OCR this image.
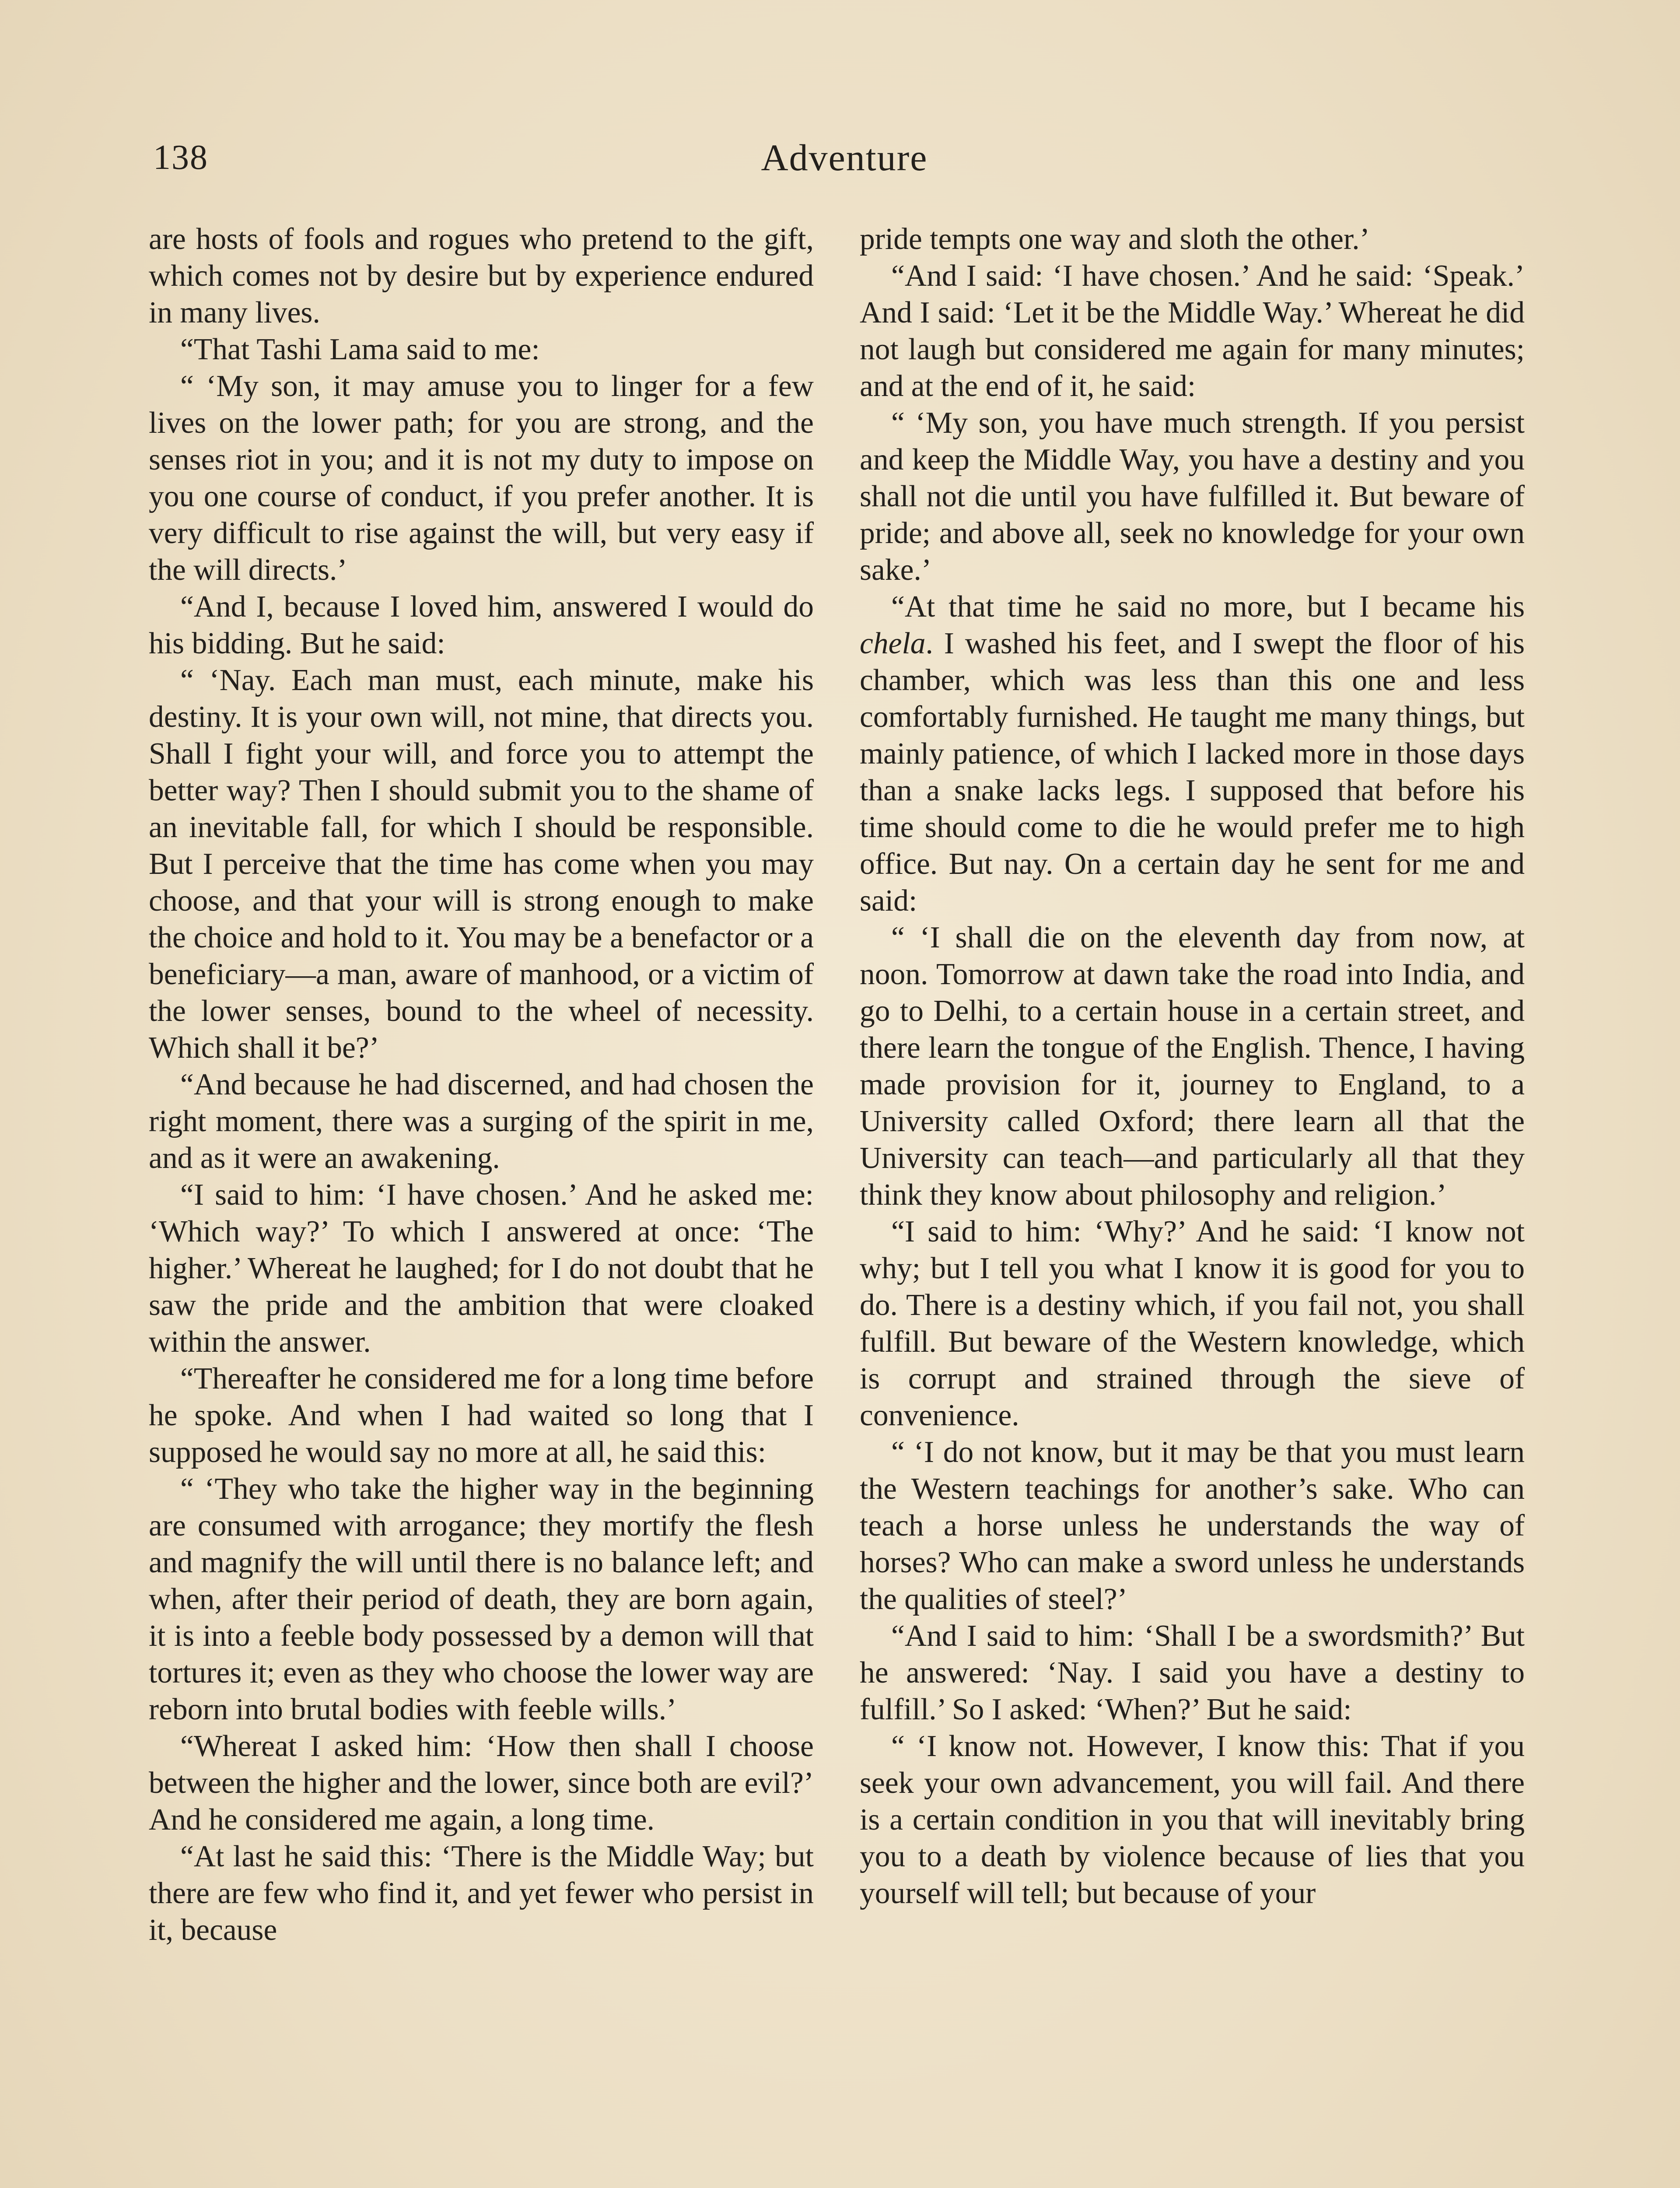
138	Adventure

are hosts of fools and rogues who pretend to the gift, which comes not by desire but by experience endured in many lives.

“That Tashi Lama said to me:

“ ‘My son, it may amuse you to linger for a few lives on the lower path; for you are strong, and the senses riot in you; and it is not my duty to impose on you one course of conduct, if you prefer another. It is very difficult to rise against the will, but very easy if the will directs.’

“And I, because I loved him, answered I would do his bidding. But he said:

“ ‘Nay. Each man must, each minute, make his destiny. It is your own will, not mine, that directs you. Shall I fight your will, and force you to attempt the better way? Then I should submit you to the shame of an inevitable fall, for which I should be responsible. But I perceive that the time has come when you may choose, and that your will is strong enough to make the choice and hold to it. You may be a benefactor or a beneficiary—a man, aware of manhood, or a victim of the lower senses, bound to the wheel of necessity. Which shall it be?’

“And because he had discerned, and had chosen the right moment, there was a surging of the spirit in me, and as it were an awakening.

“I said to him: ‘I have chosen.’ And he asked me: ‘Which way?’ To which I answered at once: ‘The higher.’ Whereat he laughed; for I do not doubt that he saw the pride and the ambition that were cloaked within the answer.

“Thereafter he considered me for a long time before he spoke. And when I had waited so long that I supposed he would say no more at all, he said this:

“ ‘They who take the higher way in the beginning are consumed with arrogance; they mortify the flesh and magnify the will until there is no balance left; and when, after their period of death, they are born again, it is into a feeble body possessed by a demon will that tortures it; even as they who choose the lower way are reborn into brutal bodies with feeble wills.’

“Whereat I asked him: ‘How then shall I choose between the higher and the lower, since both are evil?’ And he considered me again, a long time.

“At last he said this: ‘There is the Middle Way; but there are few who find it, and yet fewer who persist in it, because

pride tempts one way and sloth the other.’

“And I said: ‘I have chosen.’ And he said: ‘Speak.’ And I said: ‘Let it be the Middle Way.’ Whereat he did not laugh but considered me again for many minutes; and at the end of it, he said:

“ ‘My son, you have much strength. If you persist and keep the Middle Way, you have a destiny and you shall not die until you have fulfilled it. But beware of pride; and above all, seek no knowledge for your own sake.’

“At that time he said no more, but I became his chela. I washed his feet, and I swept the floor of his chamber, which was less than this one and less comfortably furnished. He taught me many things, but mainly patience, of which I lacked more in those days than a snake lacks legs. I supposed that before his time should come to die he would prefer me to high office. But nay. On a certain day he sent for me and said:

“ ‘I shall die on the eleventh day from now, at noon. Tomorrow at dawn take the road into India, and go to Delhi, to a certain house in a certain street, and there learn the tongue of the English. Thence, I having made provision for it, journey to England, to a University called Oxford; there learn all that the University can teach—and particularly all that they think they know about philosophy and religion.’

“I said to him: ‘Why?’ And he said: ‘I know not why; but I tell you what I know it is good for you to do. There is a destiny which, if you fail not, you shall fulfill. But beware of the Western knowledge, which is corrupt and strained through the sieve of convenience.

“ ‘I do not know, but it may be that you must learn the Western teachings for another’s sake. Who can teach a horse unless he understands the way of horses? Who can make a sword unless he understands the qualities of steel?’

“And I said to him: ‘Shall I be a swordsmith?’ But he answered: ‘Nay. I said you have a destiny to fulfill.’ So I asked: ‘When?’ But he said:

“ ‘I know not. However, I know this: That if you seek your own advancement, you will fail. And there is a certain condition in you that will inevitably bring you to a death by violence because of lies that you yourself will tell; but because of your
